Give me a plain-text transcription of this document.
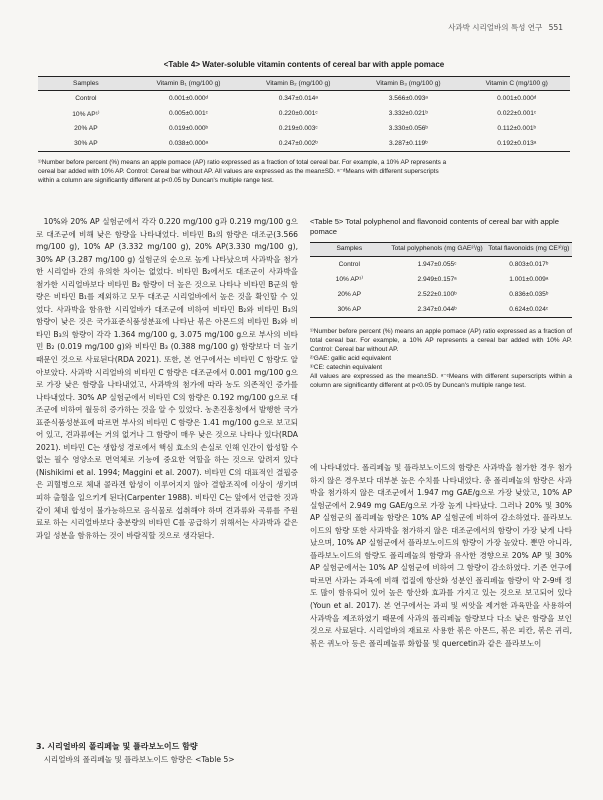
사과박 시리얼바의 특성 연구 551
<Table 4> Water-soluble vitamin contents of cereal bar with apple pomace
Samples	Vitamin B₁ (mg/100 g)	Vitamin B₂ (mg/100 g)	Vitamin B₃ (mg/100 g)	Vitamin C (mg/100 g)
Control	0.001±0.000ᵈ	0.347±0.014ᵃ	3.566±0.093ᵃ	0.001±0.000ᵈ
10% AP¹⁾	0.005±0.001ᶜ	0.220±0.001ᶜ	3.332±0.021ᵇ	0.022±0.001ᶜ
20% AP	0.019±0.000ᵇ	0.219±0.003ᶜ	3.330±0.056ᵇ	0.112±0.001ᵇ
30% AP	0.038±0.000ᵃ	0.247±0.002ᵇ	3.287±0.119ᵇ	0.192±0.013ᵃ
¹⁾Number before percent (%) means an apple pomace (AP) ratio expressed as a fraction of total cereal bar. For example, a 10% AP represents a
cereal bar added with 10% AP. Control: Cereal bar without AP. All values are expressed as the mean±SD. ᵃ⁻ᵈMeans with different superscripts
within a column are significantly different at p<0.05 by Duncan's multiple range test.

10%와 20% AP 실험군에서 각각 0.220 mg/100 g과 0.219 mg/100 g으로 대조군에 비해 낮은 함량을 나타내었다. 비타민 B₃의 함량은 대조군(3.566 mg/100 g), 10% AP (3.332 mg/100 g), 20% AP(3.330 mg/100 g), 30% AP (3.287 mg/100 g) 실험군의 순으로 높게 나타났으며 사과박을 첨가한 시리얼바 간의 유의한 차이는 없었다. 비타민 B₂에서도 대조군이 사과박을 첨가한 시리얼바보다 비타민 B₂ 함량이 더 높은 것으로 나타나 비타민 B군의 함량은 비타민 B₁를 제외하고 모두 대조군 시리얼바에서 높은 것을 확인할 수 있었다. 사과박을 함유한 시리얼바가 대조군에 비하여 비타민 B₂와 비타민 B₃의 함량이 낮은 것은 국가표준식품성분표에 나타난 볶은 아몬드의 비타민 B₂와 비타민 B₃의 함량이 각각 1.364 mg/100 g, 3.075 mg/100 g으로 부사의 비타민 B₂ (0.019 mg/100 g)와 비타민 B₃ (0.388 mg/100 g) 함량보다 더 높기 때문인 것으로 사료된다(RDA 2021). 또한, 본 연구에서는 비타민 C 함량도 알아보았다. 사과박 시리얼바의 비타민 C 함량은 대조군에서 0.001 mg/100 g으로 가장 낮은 함량을 나타내었고, 사과박의 첨가에 따라 농도 의존적인 증가를 나타내었다. 30% AP 실험군에서 비타민 C의 함량은 0.192 mg/100 g으로 대조군에 비하여 월등히 증가하는 것을 알 수 있었다. 농촌진흥청에서 발행한 국가표준식품성분표에 따르면 부사의 비타민 C 함량은 1.41 mg/100 g으로 보고되어 있고, 견과류에는 거의 없거나 그 함량이 매우 낮은 것으로 나타나 있다(RDA 2021). 비타민 C는 생합성 경로에서 핵심 효소의 손실로 인해 인간이 합성할 수 없는 필수 영양소로 면역체로 기능에 중요한 역할을 하는 것으로 알려져 있다(Nishikimi et al. 1994; Maggini et al. 2007). 비타민 C의 대표적인 결핍증은 괴혈병으로 체내 콜라겐 합성이 이루어지지 않아 결합조직에 이상이 생기며 피하 출혈을 일으키게 된다(Carpenter 1988). 비타민 C는 앞에서 언급한 것과 같이 체내 합성이 불가능하므로 음식물로 섭취해야 하며 견과류와 곡류를 주원료로 하는 시리얼바보다 충분량의 비타민 C를 공급하기 위해서는 사과박과 같은 과일 성분을 함유하는 것이 바람직할 것으로 생각된다.

3. 시리얼바의 폴리페놀 및 플라보노이드 함량
시리얼바의 폴리페놀 및 플라보노이드 함량은 <Table 5>
<Table 5> Total polyphenol and flavonoid contents of cereal bar with apple pomace
Samples	Total polyphenols (mg GAE²⁾/g)	Total flavonoids (mg CE³⁾/g)
Control	1.947±0.055ᶜ	0.803±0.017ᵇ
10% AP¹⁾	2.949±0.157ᵃ	1.001±0.009ᵃ
20% AP	2.522±0.100ᵇ	0.836±0.035ᵇ
30% AP	2.347±0.044ᵇ	0.624±0.024ᶜ
¹⁾Number before percent (%) means an apple pomace (AP) ratio expressed as a fraction of total cereal bar. For example, a 10% AP represents a cereal bar added with 10% AP. Control: Cereal bar without AP.
²⁾GAE: gallic acid equivalent
³⁾CE: catechin equivalent
All values are expressed as the mean±SD. ᵃ⁻ᶜMeans with different superscripts within a column are significantly different at p<0.05 by Duncan's multiple range test.

에 나타내었다. 폴리페놀 및 플라보노이드의 함량은 사과박을 첨가한 경우 첨가하지 않은 경우보다 대부분 높은 수치를 나타내었다. 총 폴리페놀의 함량은 사과박을 첨가하지 않은 대조군에서 1.947 mg GAE/g으로 가장 낮았고, 10% AP 실험군에서 2.949 mg GAE/g으로 가장 높게 나타났다. 그러나 20% 및 30% AP 실험군의 폴리페놀 함량은 10% AP 실험군에 비하여 감소하였다. 플라보노이드의 함량 또한 사과박을 첨가하지 않은 대조군에서의 함량이 가장 낮게 나타났으며, 10% AP 실험군에서 플라보노이드의 함량이 가장 높았다. 뿐만 아니라, 플라보노이드의 함량도 폴리페놀의 함량과 유사한 경향으로 20% AP 및 30% AP 실험군에서는 10% AP 실험군에 비하여 그 함량이 감소하였다. 기존 연구에 따르면 사과는 과육에 비해 껍질에 항산화 성분인 폴리페놀 함량이 약 2-9배 정도 많이 함유되어 있어 높은 항산화 효과를 가지고 있는 것으로 보고되어 있다(Youn et al. 2017). 본 연구에서는 과피 및 씨앗을 제거한 과육만을 사용하여 사과박을 제조하였기 때문에 사과의 폴리페놀 함량보다 다소 낮은 함량을 보인 것으로 사료된다. 시리얼바의 재료로 사용한 볶은 아몬드, 볶은 피칸, 볶은 귀리, 볶은 퀴노아 등은 폴리페놀류 화합물 및 quercetin과 같은 플라보노이
